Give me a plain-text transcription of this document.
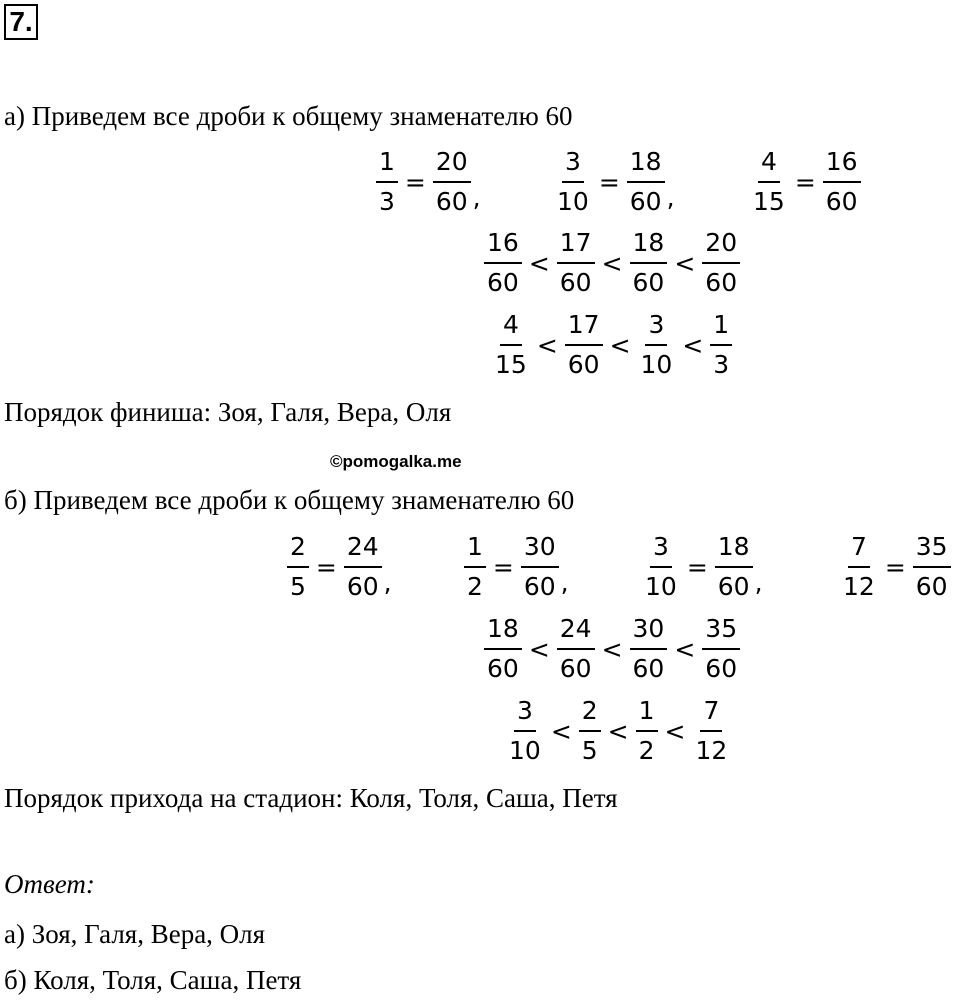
7.
а) Приведем все дроби к общему знаменателю 60
$\frac{1}{3} = \frac{20}{60}$ ,	$\frac{3}{10} = \frac{18}{60}$ ,	$\frac{4}{15} = \frac{16}{60}$
$\frac{16}{60} < \frac{17}{60} < \frac{18}{60} < \frac{20}{60}$
$\frac{4}{15} < \frac{17}{60} < \frac{3}{10} < \frac{1}{3}$
Порядок финиша: Зоя, Галя, Вера, Оля
©pomogalka.me
б) Приведем все дроби к общему знаменателю 60
$\frac{2}{5} = \frac{24}{60}$ ,	$\frac{1}{2} = \frac{30}{60}$ ,	$\frac{3}{10} = \frac{18}{60}$ ,	$\frac{7}{12} = \frac{35}{60}$
$\frac{18}{60} < \frac{24}{60} < \frac{30}{60} < \frac{35}{60}$
$\frac{3}{10} < \frac{2}{5} < \frac{1}{2} < \frac{7}{12}$
Порядок прихода на стадион: Коля, Толя, Саша, Петя
Ответ:
а) Зоя, Галя, Вера, Оля
б) Коля, Толя, Саша, Петя
